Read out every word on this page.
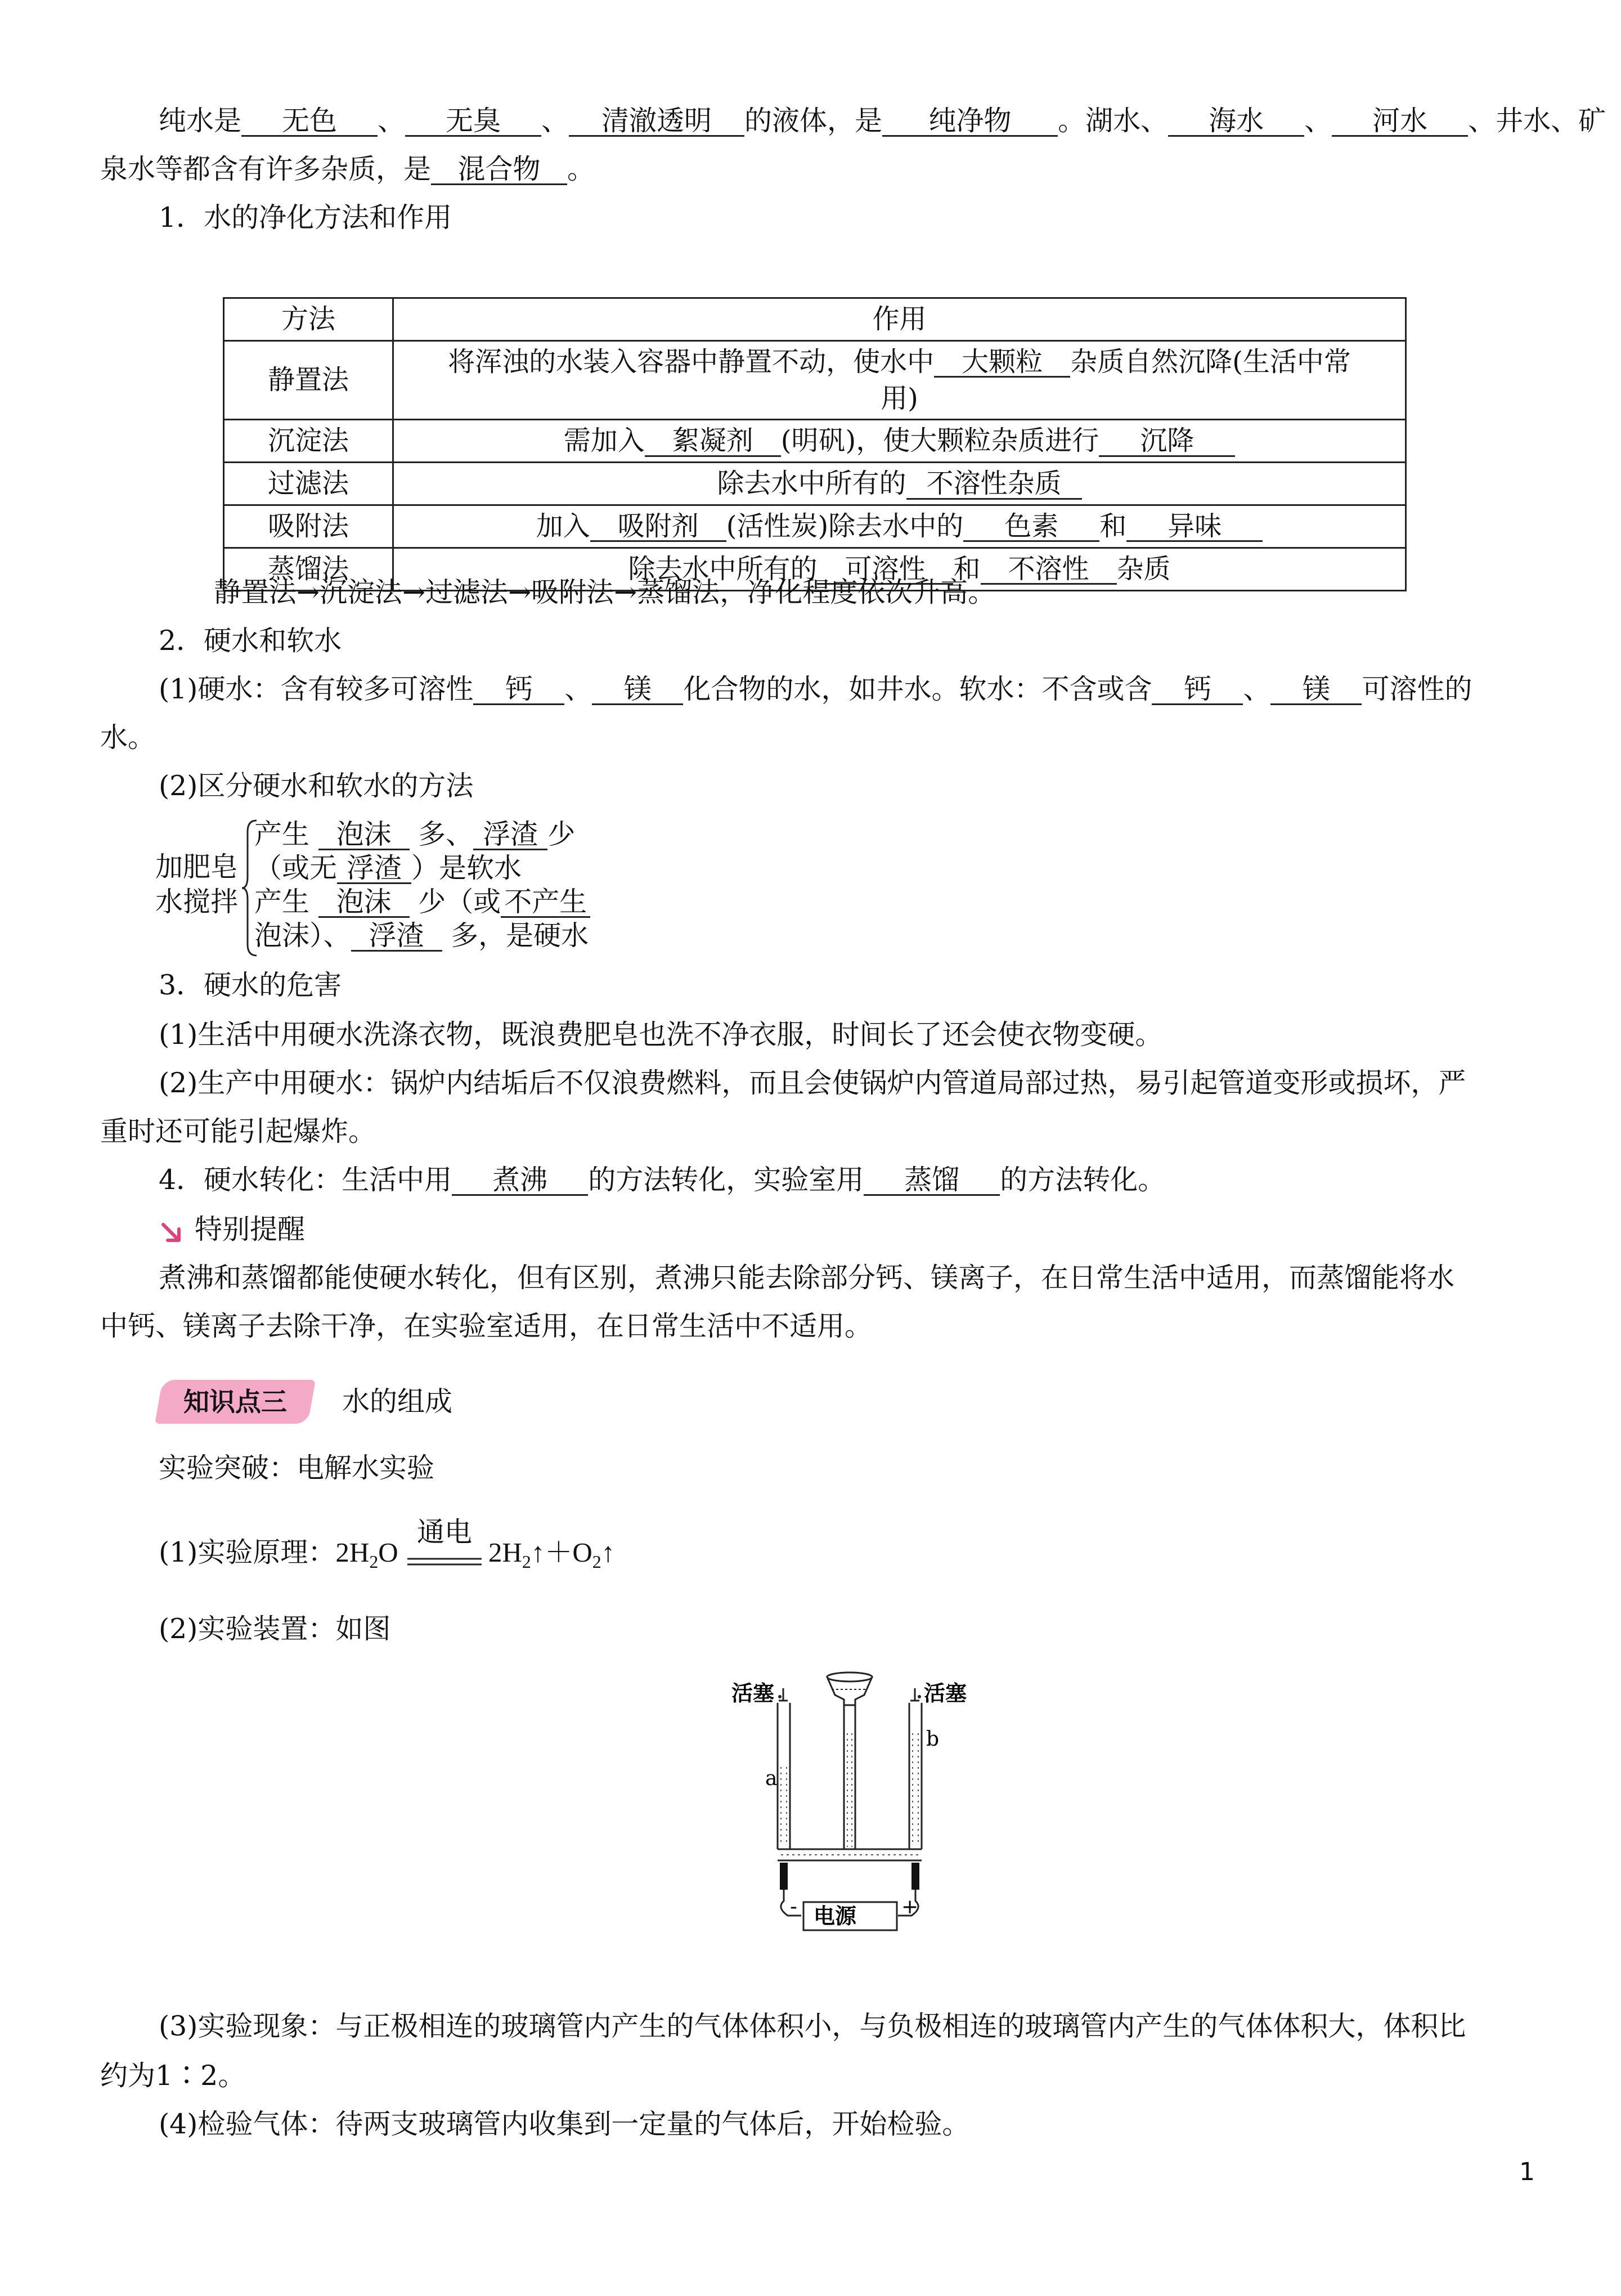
纯水是 无色 、 无臭 、 清澈透明 的液体，是 纯净物 。湖水、 海水 、 河水 、井水、矿
泉水等都含有许多杂质，是 混合物 。
1．水的净化方法和作用
方法	作用
静置法	将浑浊的水装入容器中静置不动，使水中 大颗粒 杂质自然沉降(生活中常
用)
沉淀法	需加入 絮凝剂 (明矾)，使大颗粒杂质进行 沉降
过滤法	除去水中所有的 不溶性杂质
吸附法	加入 吸附剂 (活性炭)除去水中的 色素 和 异味
蒸馏法	除去水中所有的 可溶性 和 不溶性 杂质
静置法→沉淀法→过滤法→吸附法→蒸馏法，净化程度依次升高。
2．硬水和软水
(1)硬水：含有较多可溶性 钙 、 镁 化合物的水，如井水。软水：不含或含 钙 、 镁 可溶性的
水。
(2)区分硬水和软水的方法
加肥皂
水搅拌
产生 泡沫 多、 浮渣 少
（或无 浮渣 ）是软水
产生 泡沫 少（或 不产生
泡沫）、 浮渣 多，是硬水
3．硬水的危害
(1)生活中用硬水洗涤衣物，既浪费肥皂也洗不净衣服，时间长了还会使衣物变硬。
(2)生产中用硬水：锅炉内结垢后不仅浪费燃料，而且会使锅炉内管道局部过热，易引起管道变形或损坏，严
重时还可能引起爆炸。
4．硬水转化：生活中用 煮沸 的方法转化，实验室用 蒸馏 的方法转化。
特别提醒
煮沸和蒸馏都能使硬水转化，但有区别，煮沸只能去除部分钙、镁离子，在日常生活中适用，而蒸馏能将水
中钙、镁离子去除干净，在实验室适用，在日常生活中不适用。
知识点三	水的组成
实验突破：电解水实验
(1)实验原理：$2H_2O$
通电
$2H_2↑+O_2↑$
(2)实验装置：如图
活塞	活塞
a
b
电源
-	+
(3)实验现象：与正极相连的玻璃管内产生的气体体积小，与负极相连的玻璃管内产生的气体体积大，体积比
约为1∶2。
(4)检验气体：待两支玻璃管内收集到一定量的气体后，开始检验。
1
